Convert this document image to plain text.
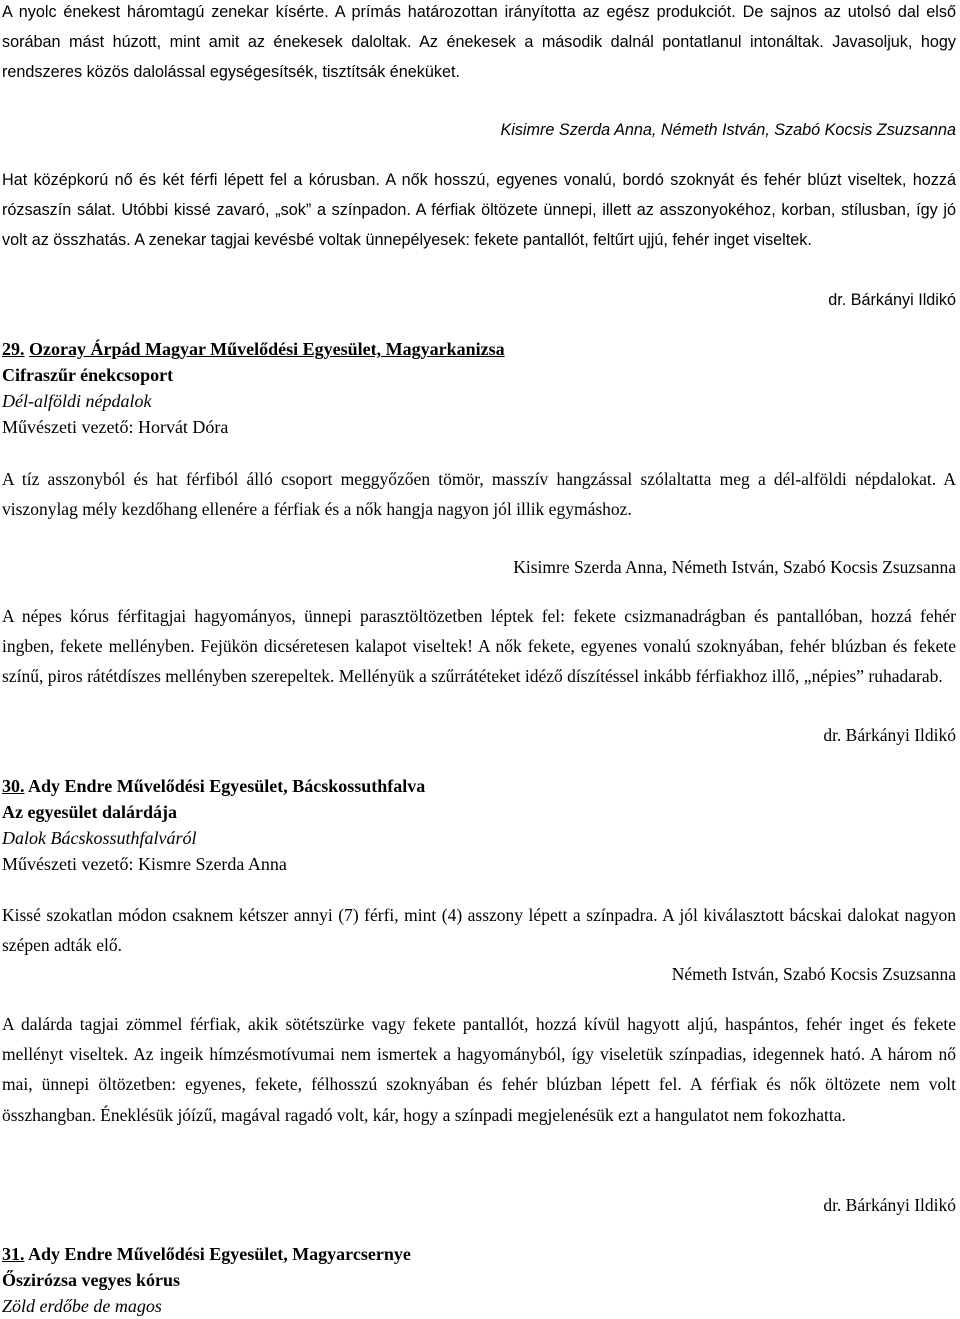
A nyolc énekest háromtagú zenekar kísérte. A prímás határozottan irányította az egész produkciót. De sajnos az utolsó dal első sorában mást húzott, mint amit az énekesek daloltak. Az énekesek a második dalnál pontatlanul intonáltak. Javasoljuk, hogy rendszeres közös dalolással egységesítsék, tisztítsák éneküket.

Kisimre Szerda Anna, Németh István, Szabó Kocsis Zsuzsanna

Hat középkorú nő és két férfi lépett fel a kórusban. A nők hosszú, egyenes vonalú, bordó szoknyát és fehér blúzt viseltek, hozzá rózsaszín sálat. Utóbbi kissé zavaró, „sok” a színpadon. A férfiak öltözete ünnepi, illett az asszonyokéhoz, korban, stílusban, így jó volt az összhatás. A zenekar tagjai kevésbé voltak ünnepélyesek: fekete pantallót, feltűrt ujjú, fehér inget viseltek.

dr. Bárkányi Ildikó
29. Ozoray Árpád Magyar Művelődési Egyesület, Magyarkanizsa
Cifraszűr énekcsoport
Dél-alföldi népdalok
Művészeti vezető: Horvát Dóra

A tíz asszonyból és hat férfiból álló csoport meggyőzően tömör, masszív hangzással szólaltatta meg a dél-alföldi népdalokat. A viszonylag mély kezdőhang ellenére a férfiak és a nők hangja nagyon jól illik egymáshoz.

Kisimre Szerda Anna, Németh István, Szabó Kocsis Zsuzsanna

A népes kórus férfitagjai hagyományos, ünnepi parasztöltözetben léptek fel: fekete csizmanadrágban és pantallóban, hozzá fehér ingben, fekete mellényben. Fejükön dicséretesen kalapot viseltek! A nők fekete, egyenes vonalú szoknyában, fehér blúzban és fekete színű, piros rátétdíszes mellényben szerepeltek. Mellényük a szűrrátéteket idéző díszítéssel inkább férfiakhoz illő, „népies” ruhadarab.

dr. Bárkányi Ildikó
30. Ady Endre Művelődési Egyesület, Bácskossuthfalva
Az egyesület dalárdája
Dalok Bácskossuthfalváról
Művészeti vezető: Kismre Szerda Anna

Kissé szokatlan módon csaknem kétszer annyi (7) férfi, mint (4) asszony lépett a színpadra. A jól kiválasztott bácskai dalokat nagyon szépen adták elő.

Németh István, Szabó Kocsis Zsuzsanna

A dalárda tagjai zömmel férfiak, akik sötétszürke vagy fekete pantallót, hozzá kívül hagyott aljú, haspántos, fehér inget és fekete mellényt viseltek. Az ingeik hímzésmotívumai nem ismertek a hagyományból, így viseletük színpadias, idegennek ható. A három nő mai, ünnepi öltözetben: egyenes, fekete, félhosszú szoknyában és fehér blúzban lépett fel. A férfiak és nők öltözete nem volt összhangban. Éneklésük jóízű, magával ragadó volt, kár, hogy a színpadi megjelenésük ezt a hangulatot nem fokozhatta.

dr. Bárkányi Ildikó
31. Ady Endre Művelődési Egyesület, Magyarcsernye
Őszirózsa vegyes kórus
Zöld erdőbe de magos
